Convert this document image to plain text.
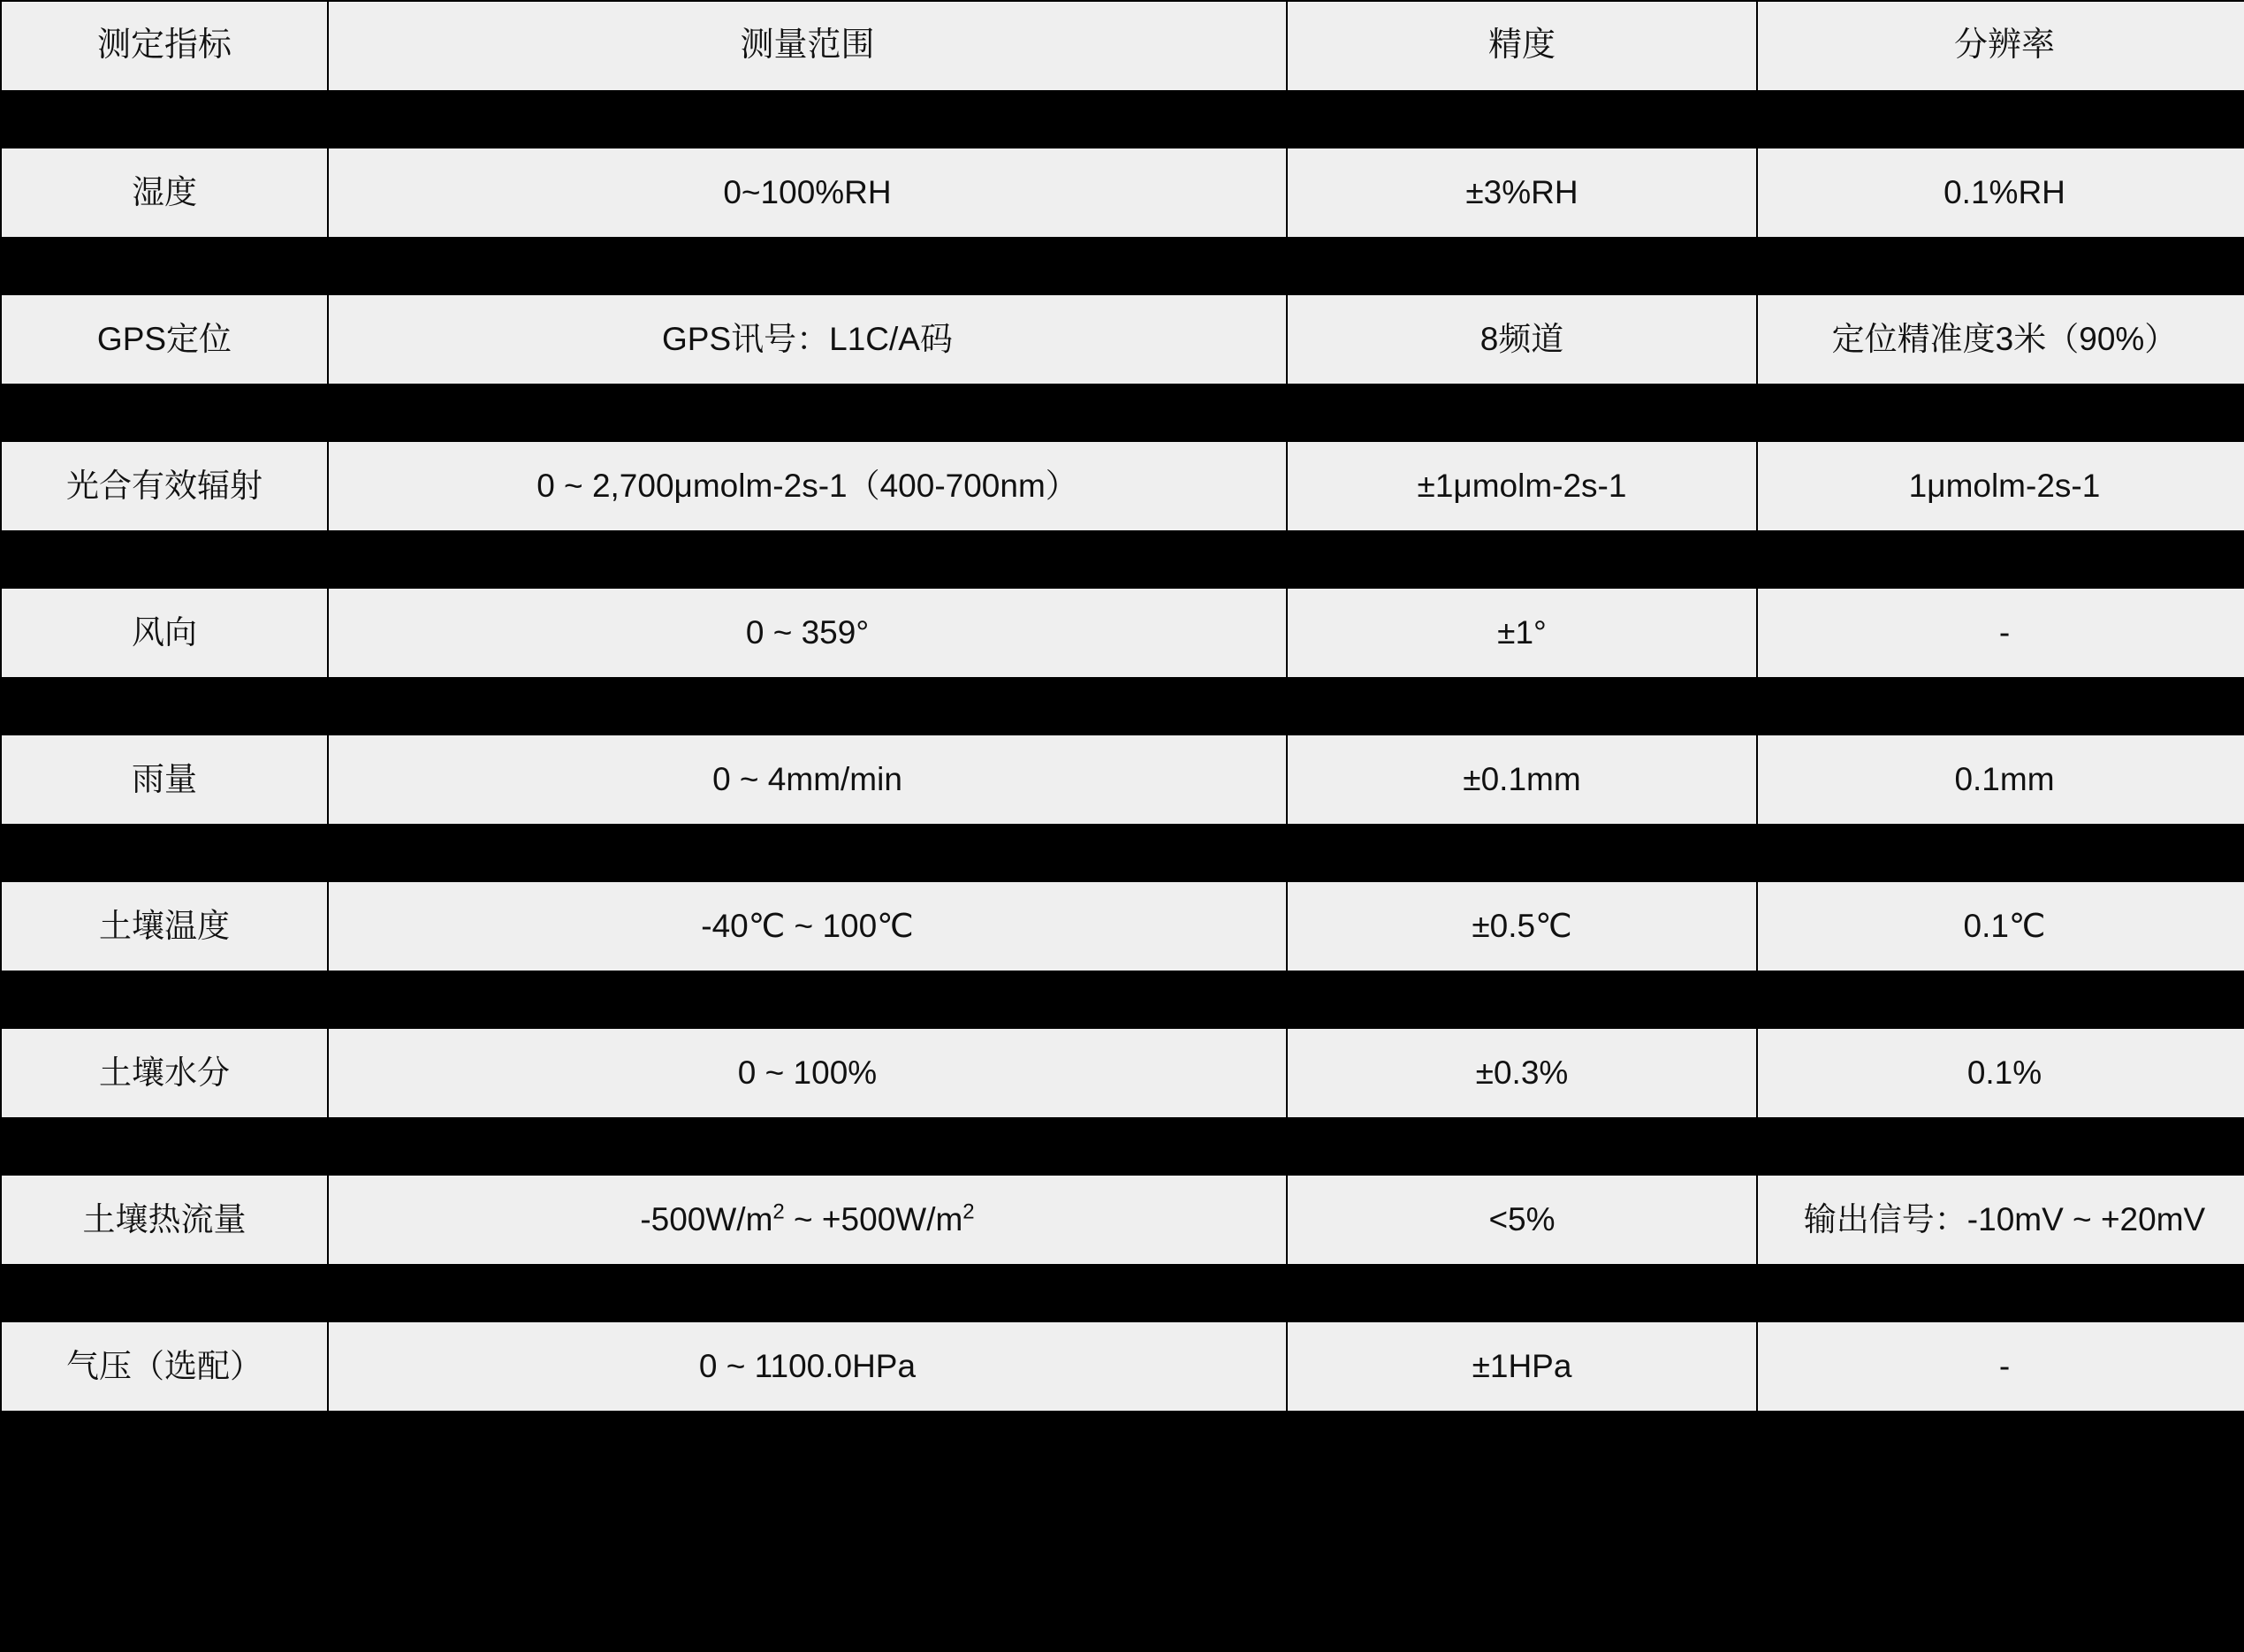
测定指标	测量范围	精度	分辨率

湿度	0~100%RH	±3%RH	0.1%RH

GPS定位	GPS讯号：L1C/A码	8频道	定位精准度3米（90%）

光合有效辐射	0 ~ 2,700μmolm-2s-1（400-700nm）	±1μmolm-2s-1	1μmolm-2s-1

风向	0 ~ 359°	±1°	-

雨量	0 ~ 4mm/min	±0.1mm	0.1mm

土壤温度	-40℃ ~ 100℃	±0.5℃	0.1℃

土壤水分	0 ~ 100%	±0.3%	0.1%

土壤热流量	$-500W/m^2$ ~ $+500W/m^2$	<5%	输出信号：-10mV ~ +20mV

气压（选配）	0 ~ 1100.0HPa	±1HPa	-
